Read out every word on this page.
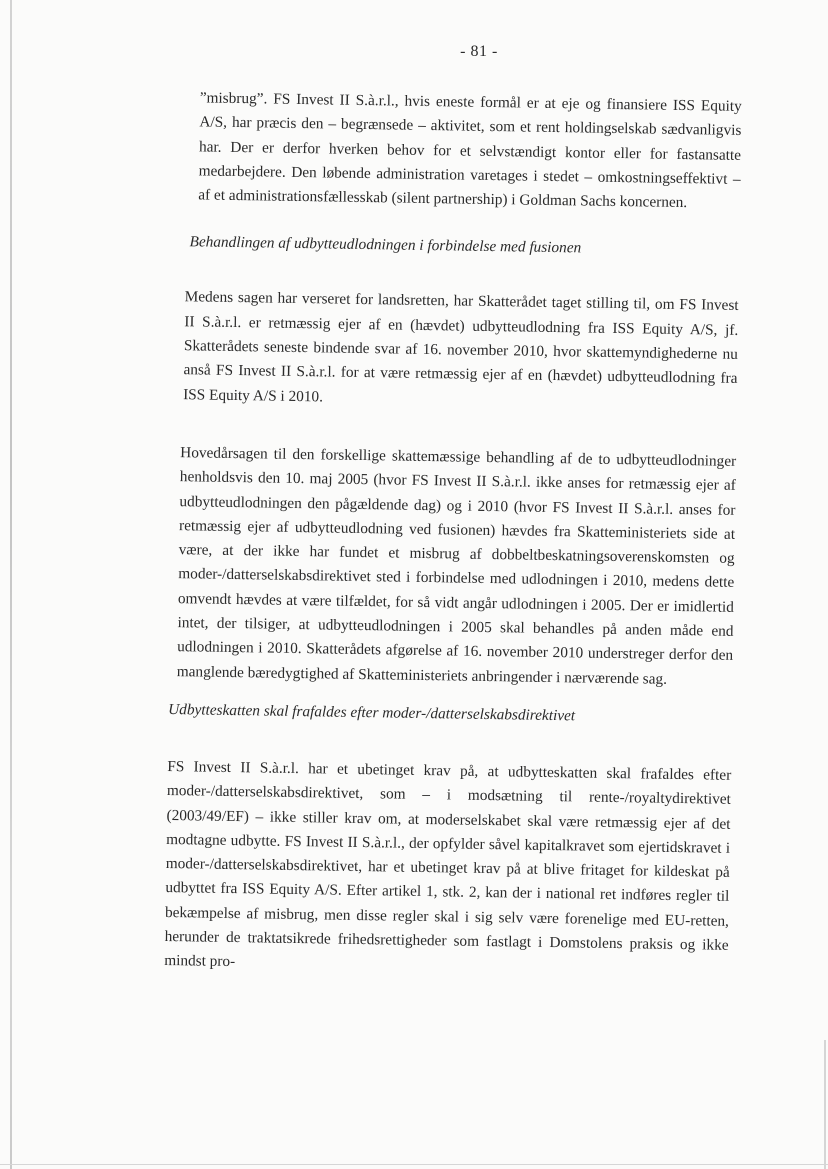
- 81 -

”misbrug”. FS Invest II S.à.r.l., hvis eneste formål er at eje og finansiere ISS Equity A/S, har præcis den – begrænsede – aktivitet, som et rent holdingselskab sædvanligvis har. Der er derfor hverken behov for et selvstændigt kontor eller for fastansatte medarbejdere. Den løbende administration varetages i stedet – omkostningseffektivt – af et administrationsfællesskab (silent partnership) i Goldman Sachs koncernen.

Behandlingen af udbytteudlodningen i forbindelse med fusionen

Medens sagen har verseret for landsretten, har Skatterådet taget stilling til, om FS Invest II S.à.r.l. er retmæssig ejer af en (hævdet) udbytteudlodning fra ISS Equity A/S, jf. Skatterådets seneste bindende svar af 16. november 2010, hvor skattemyndighederne nu anså FS Invest II S.à.r.l. for at være retmæssig ejer af en (hævdet) udbytteudlodning fra ISS Equity A/S i 2010.

Hovedårsagen til den forskellige skattemæssige behandling af de to udbytteudlodninger henholdsvis den 10. maj 2005 (hvor FS Invest II S.à.r.l. ikke anses for retmæssig ejer af udbytteudlodningen den pågældende dag) og i 2010 (hvor FS Invest II S.à.r.l. anses for retmæssig ejer af udbytteudlodning ved fusionen) hævdes fra Skatteministeriets side at være, at der ikke har fundet et misbrug af dobbeltbeskatningsoverenskomsten og moder-/datterselskabsdirektivet sted i forbindelse med udlodningen i 2010, medens dette omvendt hævdes at være tilfældet, for så vidt angår udlodningen i 2005. Der er imidlertid intet, der tilsiger, at udbytteudlodningen i 2005 skal behandles på anden måde end udlodningen i 2010. Skatterådets afgørelse af 16. november 2010 understreger derfor den manglende bæredygtighed af Skatteministeriets anbringender i nærværende sag.

Udbytteskatten skal frafaldes efter moder-/datterselskabsdirektivet

FS Invest II S.à.r.l. har et ubetinget krav på, at udbytteskatten skal frafaldes efter moder-/datterselskabsdirektivet, som – i modsætning til rente-/royaltydirektivet (2003/49/EF) – ikke stiller krav om, at moderselskabet skal være retmæssig ejer af det modtagne udbytte. FS Invest II S.à.r.l., der opfylder såvel kapitalkravet som ejertidskravet i moder-/datterselskabsdirektivet, har et ubetinget krav på at blive fritaget for kildeskat på udbyttet fra ISS Equity A/S. Efter artikel 1, stk. 2, kan der i national ret indføres regler til bekæmpelse af misbrug, men disse regler skal i sig selv være forenelige med EU-retten, herunder de traktatsikrede frihedsrettigheder som fastlagt i Domstolens praksis og ikke mindst pro-
